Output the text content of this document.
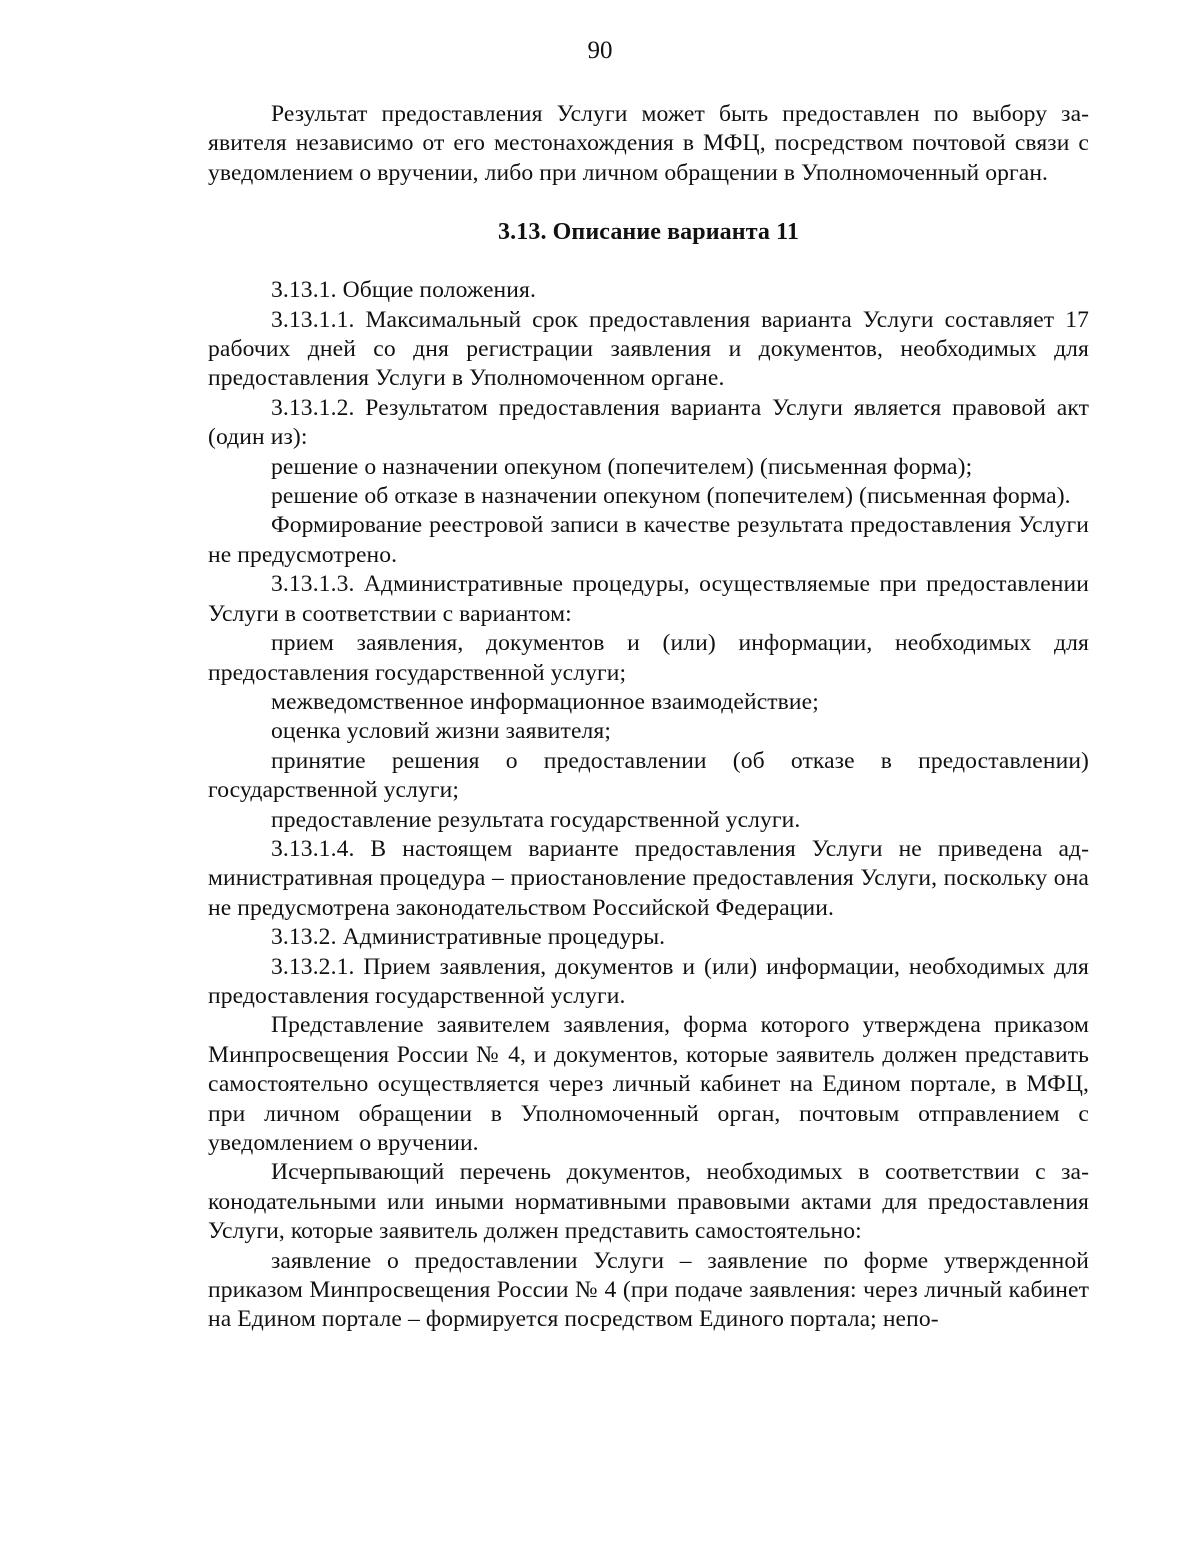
90

Результат предоставления Услуги может быть предоставлен по выбору заявителя независимо от его местонахождения в МФЦ, посредством почтовой связи с уведомлением о вручении, либо при личном обращении в Уполномоченный орган.

3.13. Описание варианта 11

3.13.1. Общие положения.

3.13.1.1. Максимальный срок предоставления варианта Услуги составляет 17 рабочих дней со дня регистрации заявления и документов, необходимых для предоставления Услуги в Уполномоченном органе.

3.13.1.2. Результатом предоставления варианта Услуги является правовой акт (один из):

решение о назначении опекуном (попечителем) (письменная форма);

решение об отказе в назначении опекуном (попечителем) (письменная форма).

Формирование реестровой записи в качестве результата предоставления Услуги не предусмотрено.

3.13.1.3. Административные процедуры, осуществляемые при предоставлении Услуги в соответствии с вариантом:

прием заявления, документов и (или) информации, необходимых для предоставления государственной услуги;

межведомственное информационное взаимодействие;

оценка условий жизни заявителя;

принятие решения о предоставлении (об отказе в предоставлении) государственной услуги;

предоставление результата государственной услуги.

3.13.1.4. В настоящем варианте предоставления Услуги не приведена административная процедура – приостановление предоставления Услуги, поскольку она не предусмотрена законодательством Российской Федерации.

3.13.2. Административные процедуры.

3.13.2.1. Прием заявления, документов и (или) информации, необходимых для предоставления государственной услуги.

Представление заявителем заявления, форма которого утверждена приказом Минпросвещения России № 4, и документов, которые заявитель должен представить самостоятельно осуществляется через личный кабинет на Едином портале, в МФЦ, при личном обращении в Уполномоченный орган, почтовым отправлением с уведомлением о вручении.

Исчерпывающий перечень документов, необходимых в соответствии с законодательными или иными нормативными правовыми актами для предоставления Услуги, которые заявитель должен представить самостоятельно:

заявление о предоставлении Услуги – заявление по форме утвержденной приказом Минпросвещения России № 4 (при подаче заявления: через личный кабинет на Едином портале – формируется посредством Единого портала; непо-
